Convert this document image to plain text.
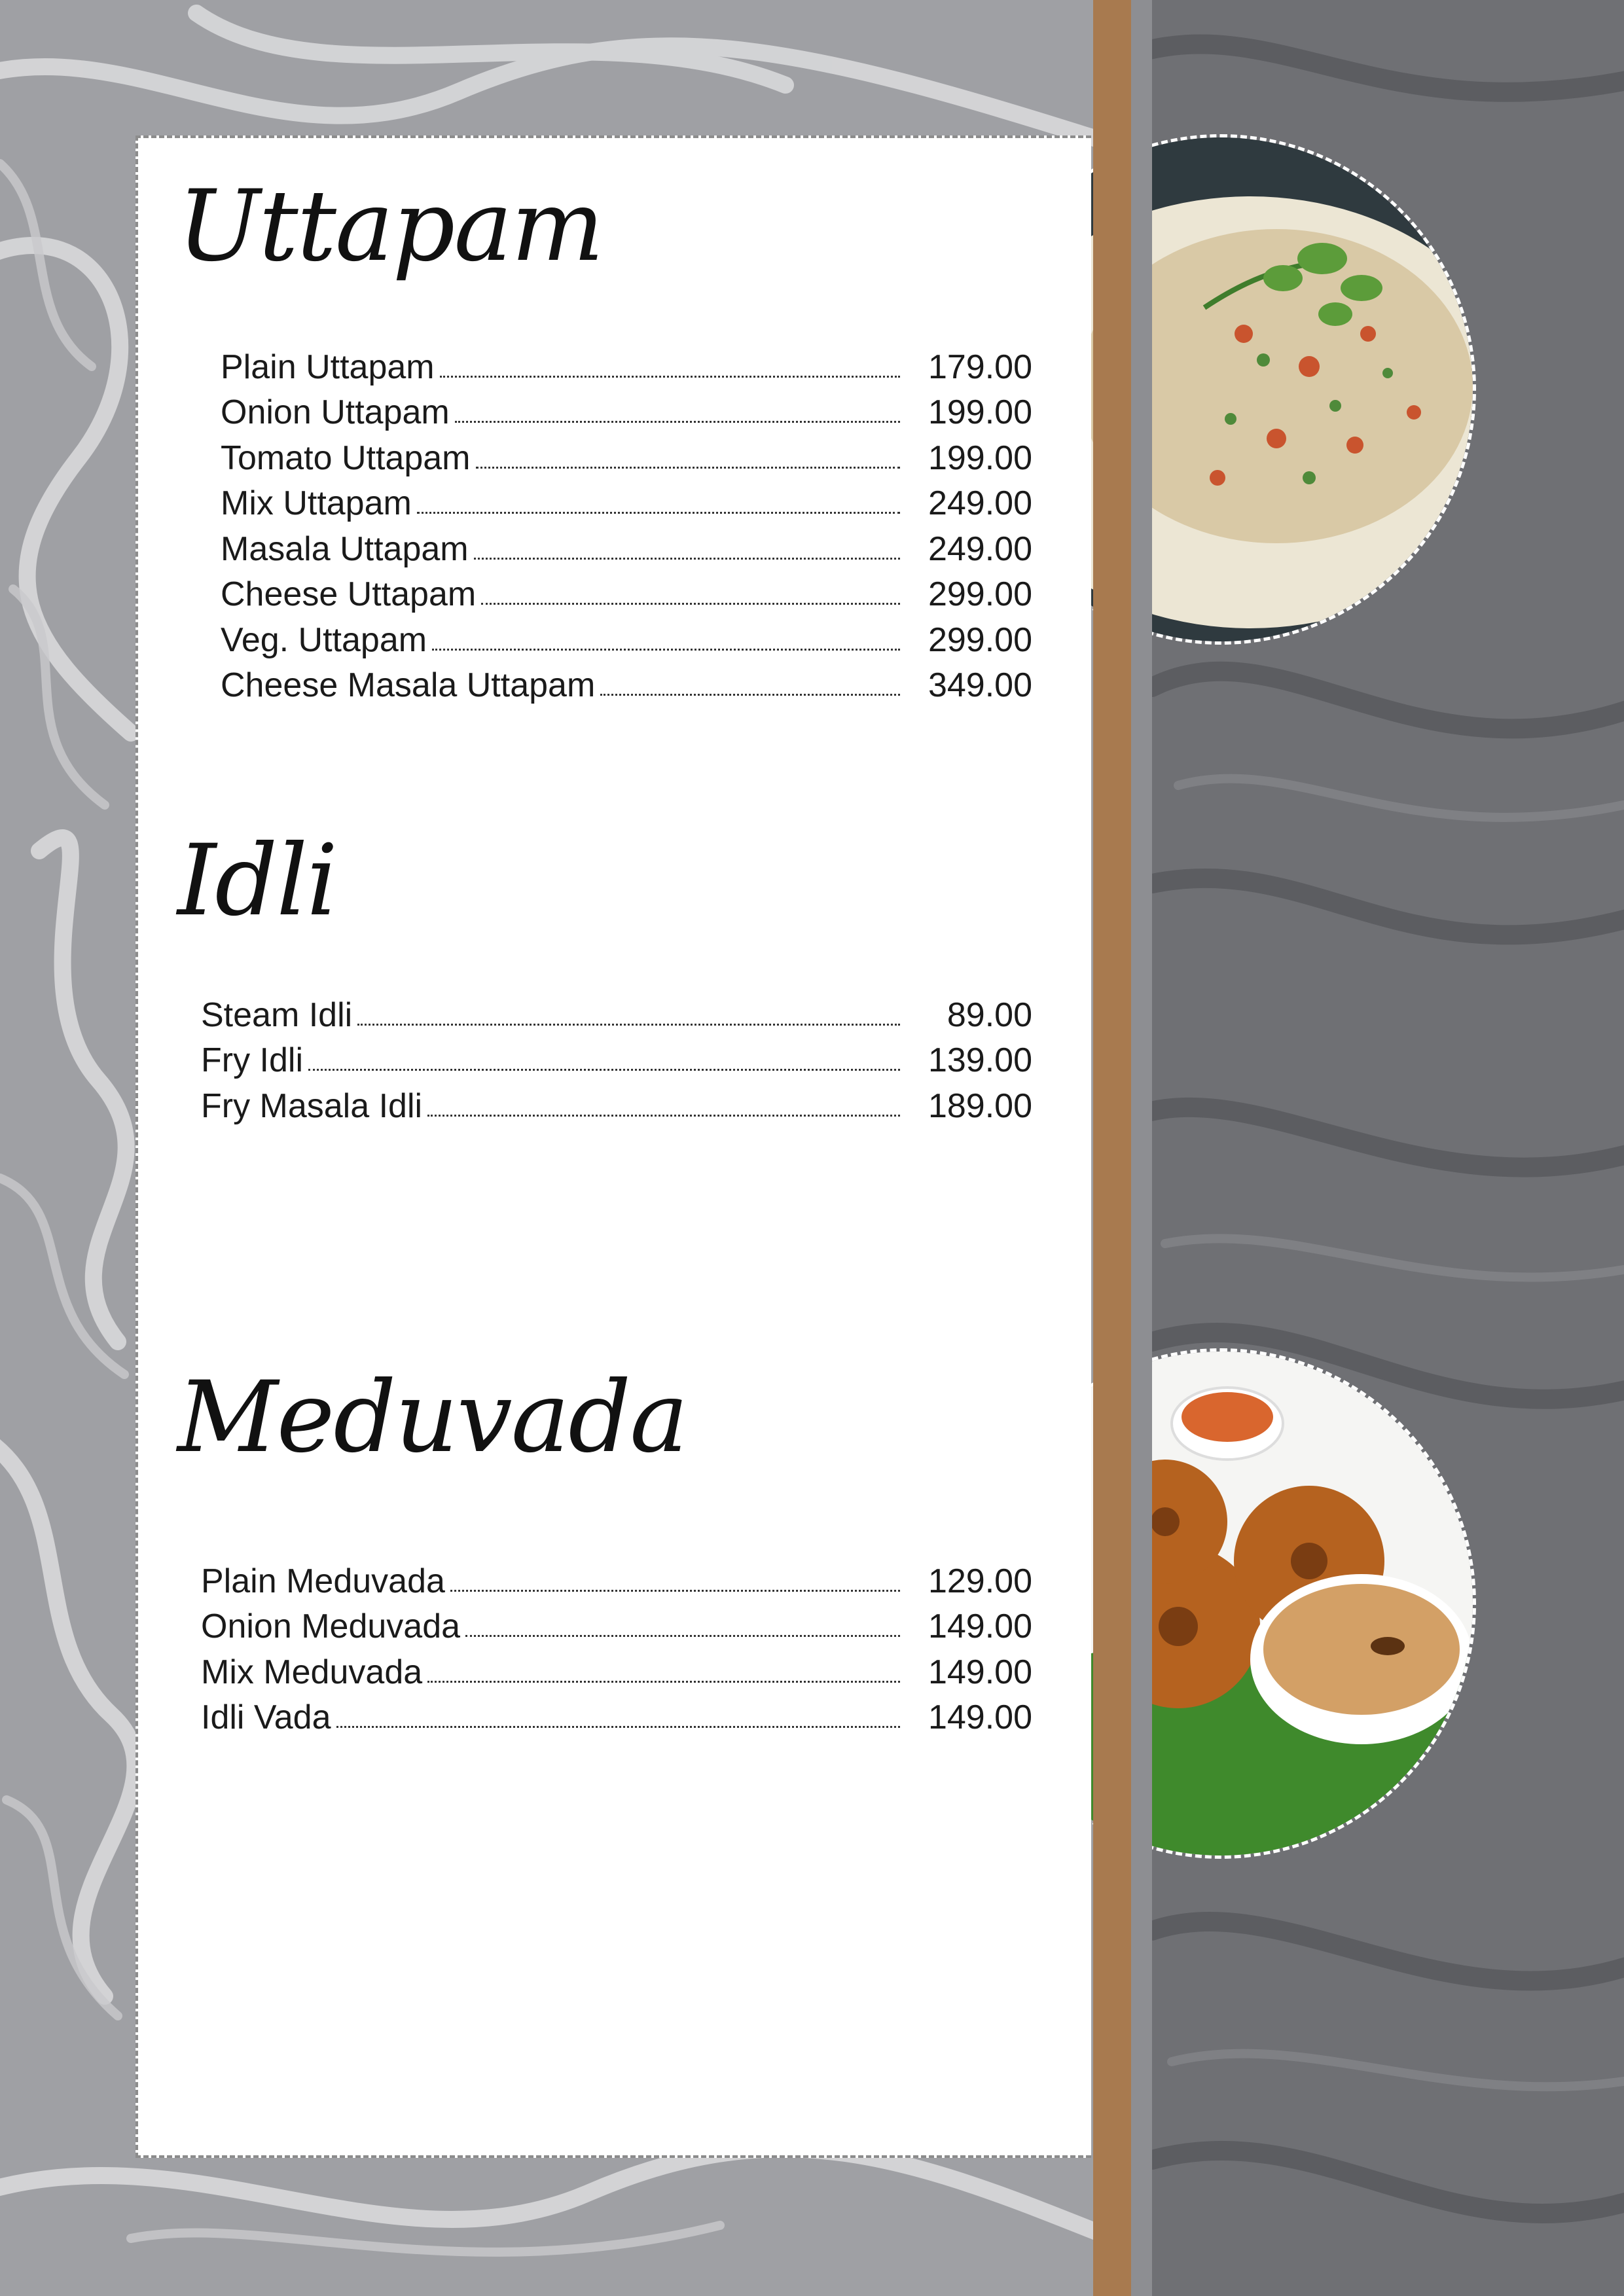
Uttapam
Plain Uttapam	179.00
Onion Uttapam	199.00
Tomato Uttapam	199.00
Mix Uttapam	249.00
Masala Uttapam	249.00
Cheese Uttapam	299.00
Veg. Uttapam	299.00
Cheese Masala Uttapam	349.00
Idli
Steam Idli	89.00
Fry Idli	139.00
Fry Masala Idli	189.00
Meduvada
Plain Meduvada	129.00
Onion Meduvada	149.00
Mix Meduvada	149.00
Idli Vada	149.00
